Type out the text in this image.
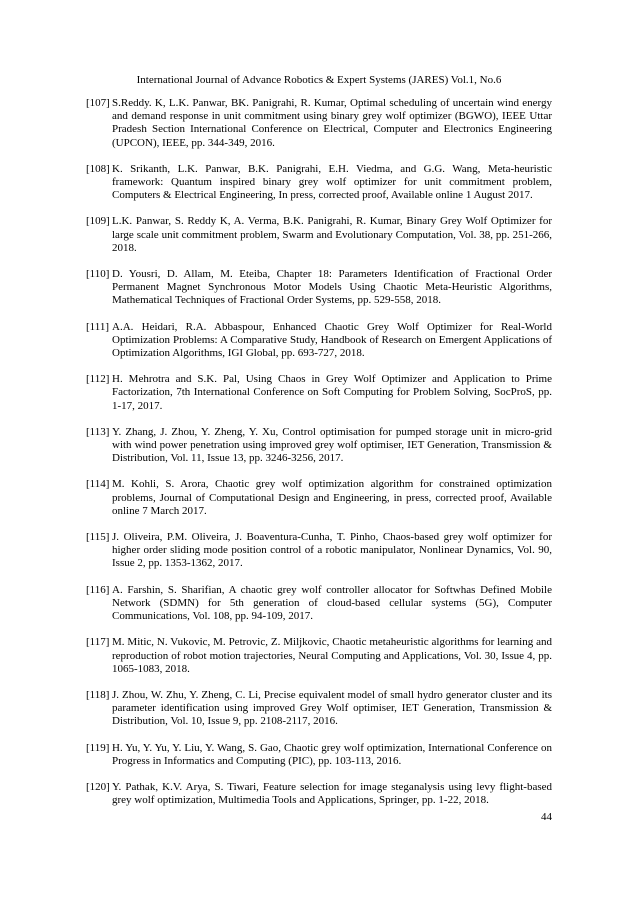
International Journal of Advance Robotics & Expert Systems (JARES) Vol.1, No.6
[107] S.Reddy. K, L.K. Panwar, BK. Panigrahi, R. Kumar, Optimal scheduling of uncertain wind energy and demand response in unit commitment using binary grey wolf optimizer (BGWO), IEEE Uttar Pradesh Section International Conference on Electrical, Computer and Electronics Engineering (UPCON), IEEE, pp. 344-349, 2016.
[108] K. Srikanth, L.K. Panwar, B.K. Panigrahi, E.H. Viedma, and G.G. Wang, Meta-heuristic framework: Quantum inspired binary grey wolf optimizer for unit commitment problem, Computers & Electrical Engineering, In press, corrected proof, Available online 1 August 2017.
[109] L.K. Panwar, S. Reddy K, A. Verma, B.K. Panigrahi, R. Kumar, Binary Grey Wolf Optimizer for large scale unit commitment problem, Swarm and Evolutionary Computation, Vol. 38, pp. 251-266, 2018.
[110] D. Yousri, D. Allam, M. Eteiba, Chapter 18: Parameters Identification of Fractional Order Permanent Magnet Synchronous Motor Models Using Chaotic Meta-Heuristic Algorithms, Mathematical Techniques of Fractional Order Systems, pp. 529-558, 2018.
[111] A.A. Heidari, R.A. Abbaspour, Enhanced Chaotic Grey Wolf Optimizer for Real-World Optimization Problems: A Comparative Study, Handbook of Research on Emergent Applications of Optimization Algorithms, IGI Global, pp. 693-727, 2018.
[112] H. Mehrotra and S.K. Pal, Using Chaos in Grey Wolf Optimizer and Application to Prime Factorization, 7th International Conference on Soft Computing for Problem Solving, SocProS, pp. 1-17, 2017.
[113] Y. Zhang, J. Zhou, Y. Zheng, Y. Xu, Control optimisation for pumped storage unit in micro-grid with wind power penetration using improved grey wolf optimiser, IET Generation, Transmission & Distribution, Vol. 11, Issue 13, pp. 3246-3256, 2017.
[114] M. Kohli, S. Arora, Chaotic grey wolf optimization algorithm for constrained optimization problems, Journal of Computational Design and Engineering, in press, corrected proof, Available online 7 March 2017.
[115] J. Oliveira, P.M. Oliveira, J. Boaventura-Cunha, T. Pinho, Chaos-based grey wolf optimizer for higher order sliding mode position control of a robotic manipulator, Nonlinear Dynamics, Vol. 90, Issue 2, pp. 1353-1362, 2017.
[116] A. Farshin, S. Sharifian, A chaotic grey wolf controller allocator for Softwhas Defined Mobile Network (SDMN) for 5th generation of cloud-based cellular systems (5G), Computer Communications, Vol. 108, pp. 94-109, 2017.
[117] M. Mitic, N. Vukovic, M. Petrovic, Z. Miljkovic, Chaotic metaheuristic algorithms for learning and reproduction of robot motion trajectories, Neural Computing and Applications, Vol. 30, Issue 4, pp. 1065-1083, 2018.
[118] J. Zhou, W. Zhu, Y. Zheng, C. Li, Precise equivalent model of small hydro generator cluster and its parameter identification using improved Grey Wolf optimiser, IET Generation, Transmission & Distribution, Vol. 10, Issue 9, pp. 2108-2117, 2016.
[119] H. Yu, Y. Yu, Y. Liu, Y. Wang, S. Gao, Chaotic grey wolf optimization, International Conference on Progress in Informatics and Computing (PIC), pp. 103-113, 2016.
[120] Y. Pathak, K.V. Arya, S. Tiwari, Feature selection for image steganalysis using levy flight-based grey wolf optimization, Multimedia Tools and Applications, Springer, pp. 1-22, 2018.
44
